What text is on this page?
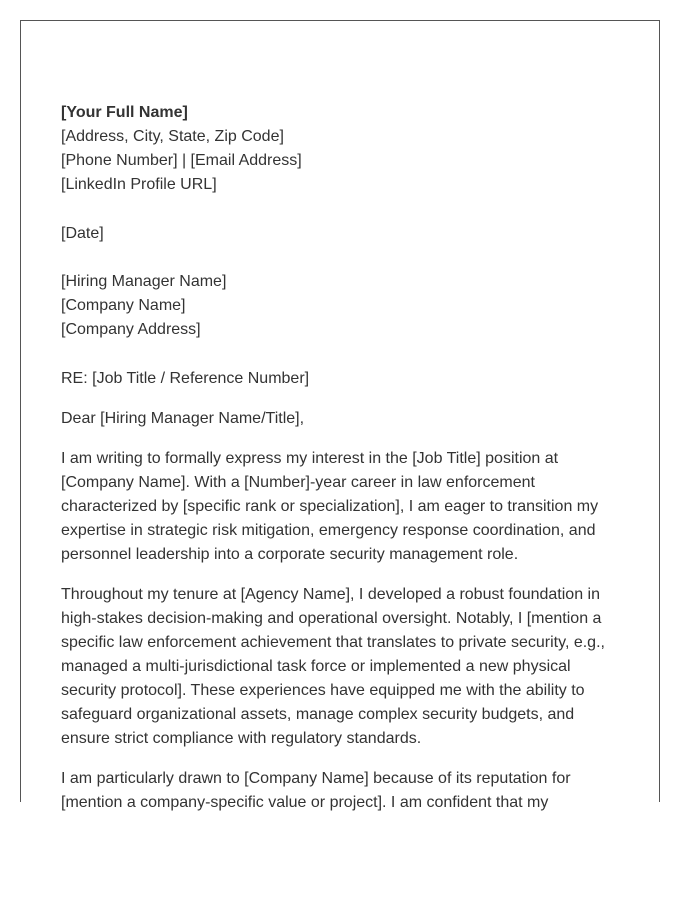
[Your Full Name]
[Address, City, State, Zip Code]
[Phone Number] | [Email Address]
[LinkedIn Profile URL]
[Date]
[Hiring Manager Name]
[Company Name]
[Company Address]
RE: [Job Title / Reference Number]
Dear [Hiring Manager Name/Title],

I am writing to formally express my interest in the [Job Title] position at [Company Name]. With a [Number]-year career in law enforcement characterized by [specific rank or specialization], I am eager to transition my expertise in strategic risk mitigation, emergency response coordination, and personnel leadership into a corporate security management role.

Throughout my tenure at [Agency Name], I developed a robust foundation in high-stakes decision-making and operational oversight. Notably, I [mention a specific law enforcement achievement that translates to private security, e.g., managed a multi-jurisdictional task force or implemented a new physical security protocol]. These experiences have equipped me with the ability to safeguard organizational assets, manage complex security budgets, and ensure strict compliance with regulatory standards.

I am particularly drawn to [Company Name] because of its reputation for [mention a company-specific value or project]. I am confident that my
